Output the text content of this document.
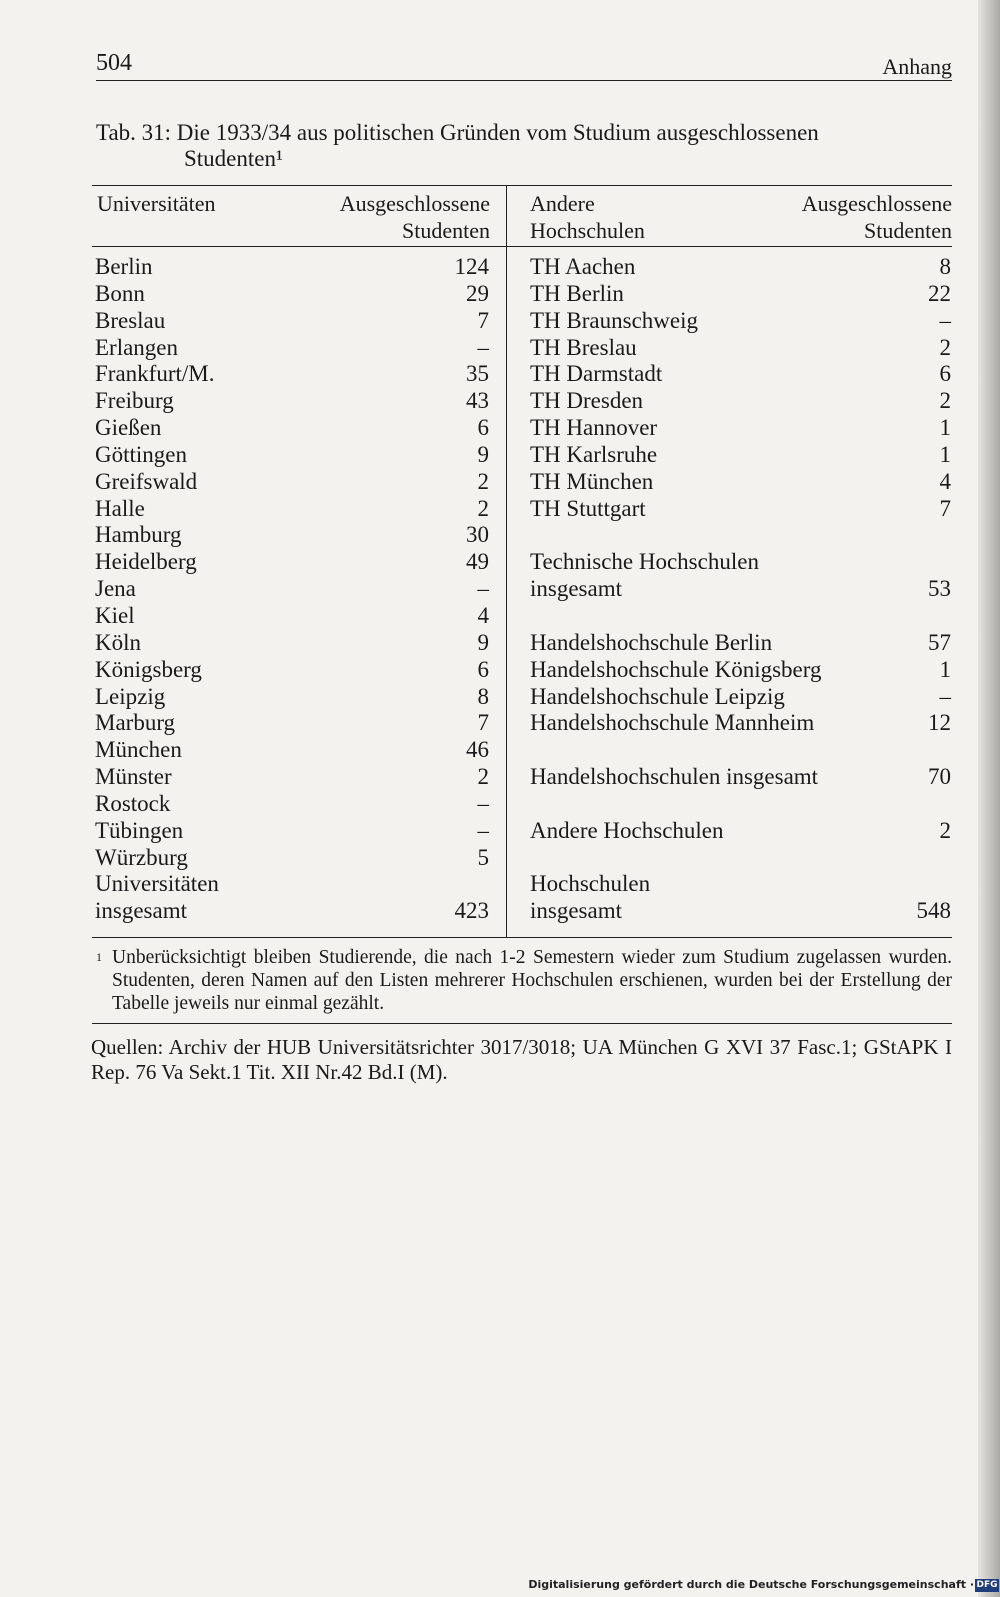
504	Anhang
Tab. 31: Die 1933/34 aus politischen Gründen vom Studium ausgeschlossenen
Studenten¹
Universitäten	Ausgeschlossene
Studenten
Andere
Hochschulen
Ausgeschlossene
Studenten
Berlin
Bonn
Breslau
Erlangen
Frankfurt/M.
Freiburg
Gießen
Göttingen
Greifswald
Halle
Hamburg
Heidelberg
Jena
Kiel
Köln
Königsberg
Leipzig
Marburg
München
Münster
Rostock
Tübingen
Würzburg
Universitäten
insgesamt
124
29
7
–
35
43
6
9
2
2
30
49
–
4
9
6
8
7
46
2
–
–
5
423
TH Aachen
TH Berlin
TH Braunschweig
TH Breslau
TH Darmstadt
TH Dresden
TH Hannover
TH Karlsruhe
TH München
TH Stuttgart
Technische Hochschulen
insgesamt
Handelshochschule Berlin
Handelshochschule Königsberg
Handelshochschule Leipzig
Handelshochschule Mannheim
Handelshochschulen insgesamt
Andere Hochschulen
Hochschulen
insgesamt
8
22
–
2
6
2
1
1
4
7
53
57
1
–
12
70
2
548
1 Unberücksichtigt bleiben Studierende, die nach 1-2 Semestern wieder zum Studium zugelassen wurden. Studenten, deren Namen auf den Listen mehrerer Hochschulen erschienen, wurden bei der Erstellung der Tabelle jeweils nur einmal gezählt.
Quellen: Archiv der HUB Universitätsrichter 3017/3018; UA München G XVI 37 Fasc.1; GStAPK I Rep. 76 Va Sekt.1 Tit. XII Nr.42 Bd.I (M).
Digitalisierung gefördert durch die Deutsche Forschungsgemeinschaft · DFG
